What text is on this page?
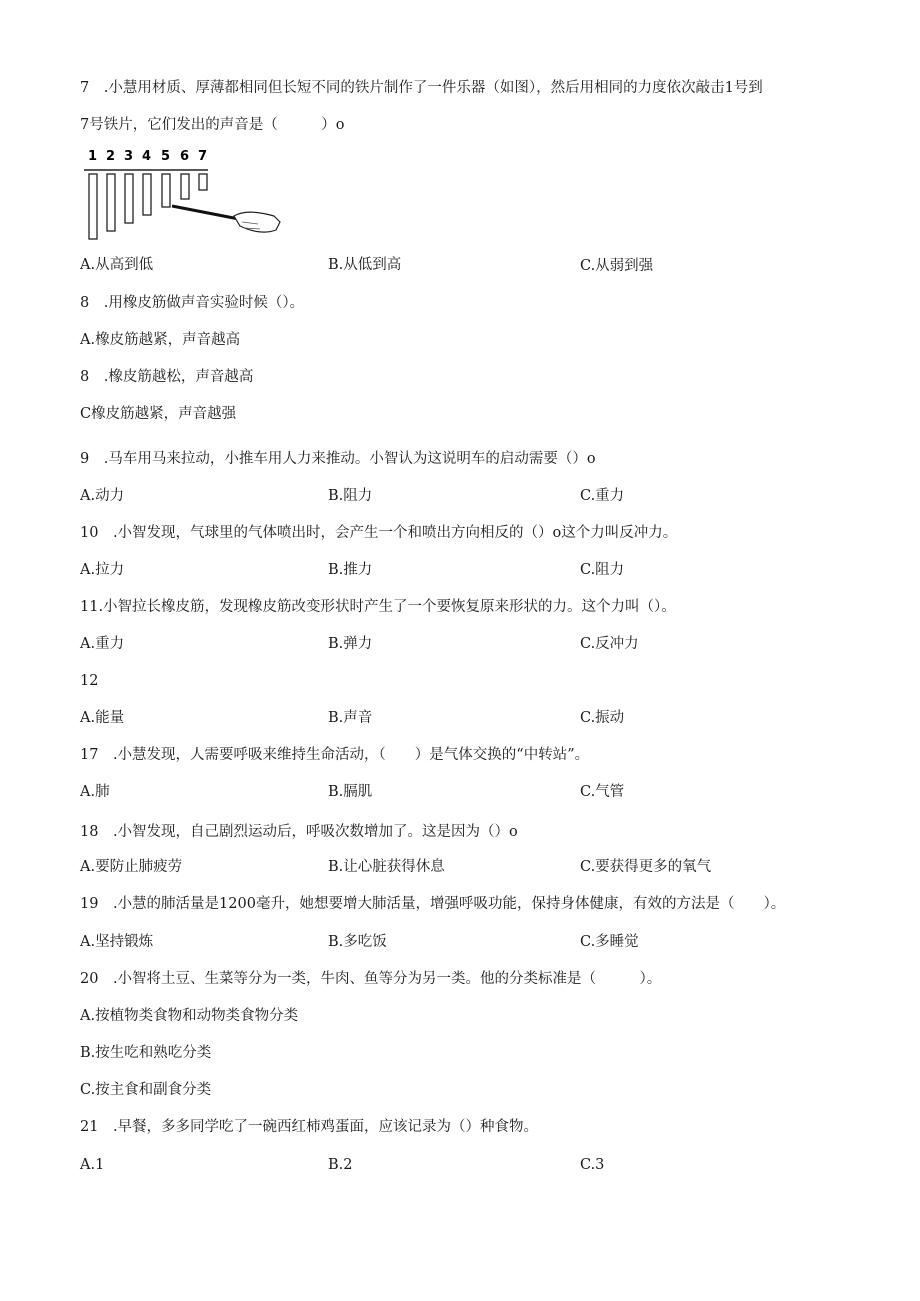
7　.小慧用材质、厚薄都相同但长短不同的铁片制作了一件乐器（如图），然后用相同的力度依次敲击1号到
7号铁片，它们发出的声音是（　　　）o
1 2 3 4 5 6 7
A.从高到低	B.从低到高	C.从弱到强
8　.用橡皮筋做声音实验时候（）。
A.橡皮筋越紧，声音越高
8　.橡皮筋越松，声音越高
C橡皮筋越紧，声音越强
9　.马车用马来拉动，小推车用人力来推动。小智认为这说明车的启动需要（）o
A.动力	B.阻力	C.重力
10　.小智发现，气球里的气体喷出时，会产生一个和喷出方向相反的（）o这个力叫反冲力。
A.拉力	B.推力	C.阻力
11.小智拉长橡皮筋，发现橡皮筋改变形状时产生了一个要恢复原来形状的力。这个力叫（）。
A.重力	B.弹力	C.反冲力
12
A.能量	B.声音	C.振动
17　.小慧发现，人需要呼吸来维持生命活动，（　　）是气体交换的“中转站”。
A.肺	B.膈肌	C.气管
18　.小智发现，自己剧烈运动后，呼吸次数增加了。这是因为（）o
A.要防止肺疲劳	B.让心脏获得休息	C.要获得更多的氧气
19　.小慧的肺活量是1200毫升，她想要增大肺活量，增强呼吸功能，保持身体健康，有效的方法是（　　）。
A.坚持锻炼	B.多吃饭	C.多睡觉
20　.小智将土豆、生菜等分为一类，牛肉、鱼等分为另一类。他的分类标准是（　　　）。
A.按植物类食物和动物类食物分类
B.按生吃和熟吃分类
C.按主食和副食分类
21　.早餐，多多同学吃了一碗西红柿鸡蛋面，应该记录为（）种食物。
A.1	B.2	C.3
